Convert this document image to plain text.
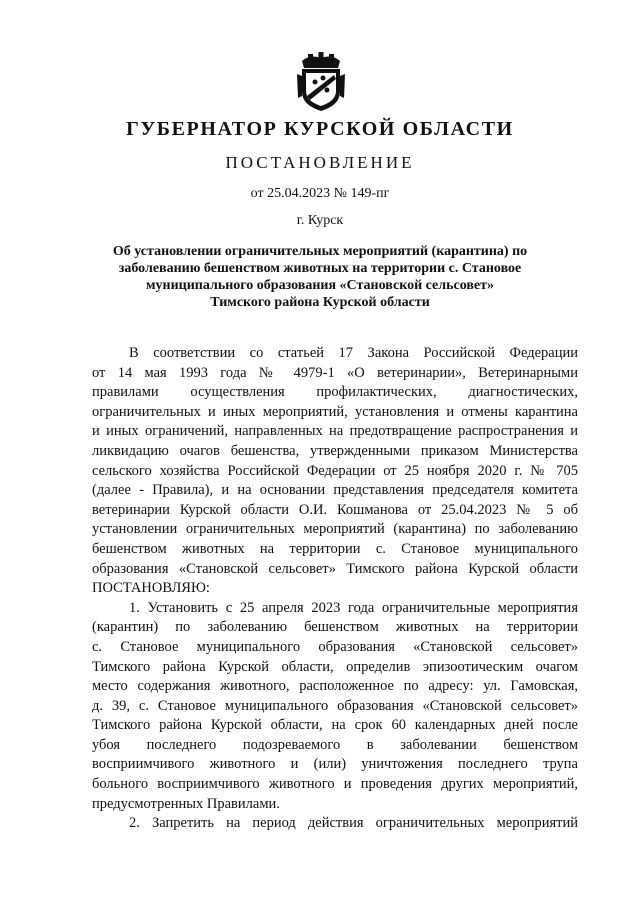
ГУБЕРНАТОР КУРСКОЙ ОБЛАСТИ
ПОСТАНОВЛЕНИЕ
от 25.04.2023 № 149-пг
г. Курск
Об установлении ограничительных мероприятий (карантина) по
заболеванию бешенством животных на территории с. Становое
муниципального образования «Становской сельсовет»
Тимского района Курской области
В соответствии со статьей 17 Закона Российской Федерации
от 14 мая 1993 года № 4979-1 «О ветеринарии», Ветеринарными
правилами осуществления профилактических, диагностических,
ограничительных и иных мероприятий, установления и отмены карантина
и иных ограничений, направленных на предотвращение распространения и
ликвидацию очагов бешенства, утвержденными приказом Министерства
сельского хозяйства Российской Федерации от 25 ноября 2020 г. № 705
(далее - Правила), и на основании представления председателя комитета
ветеринарии Курской области О.И. Кошманова от 25.04.2023 № 5 об
установлении ограничительных мероприятий (карантина) по заболеванию
бешенством животных на территории с. Становое муниципального
образования «Становской сельсовет» Тимского района Курской области
ПОСТАНОВЛЯЮ:
1. Установить с 25 апреля 2023 года ограничительные мероприятия
(карантин) по заболеванию бешенством животных на территории
с. Становое муниципального образования «Становской сельсовет»
Тимского района Курской области, определив эпизоотическим очагом
место содержания животного, расположенное по адресу: ул. Гамовская,
д. 39, с. Становое муниципального образования «Становской сельсовет»
Тимского района Курской области, на срок 60 календарных дней после
убоя последнего подозреваемого в заболевании бешенством
восприимчивого животного и (или) уничтожения последнего трупа
больного восприимчивого животного и проведения других мероприятий,
предусмотренных Правилами.
2. Запретить на период действия ограничительных мероприятий
